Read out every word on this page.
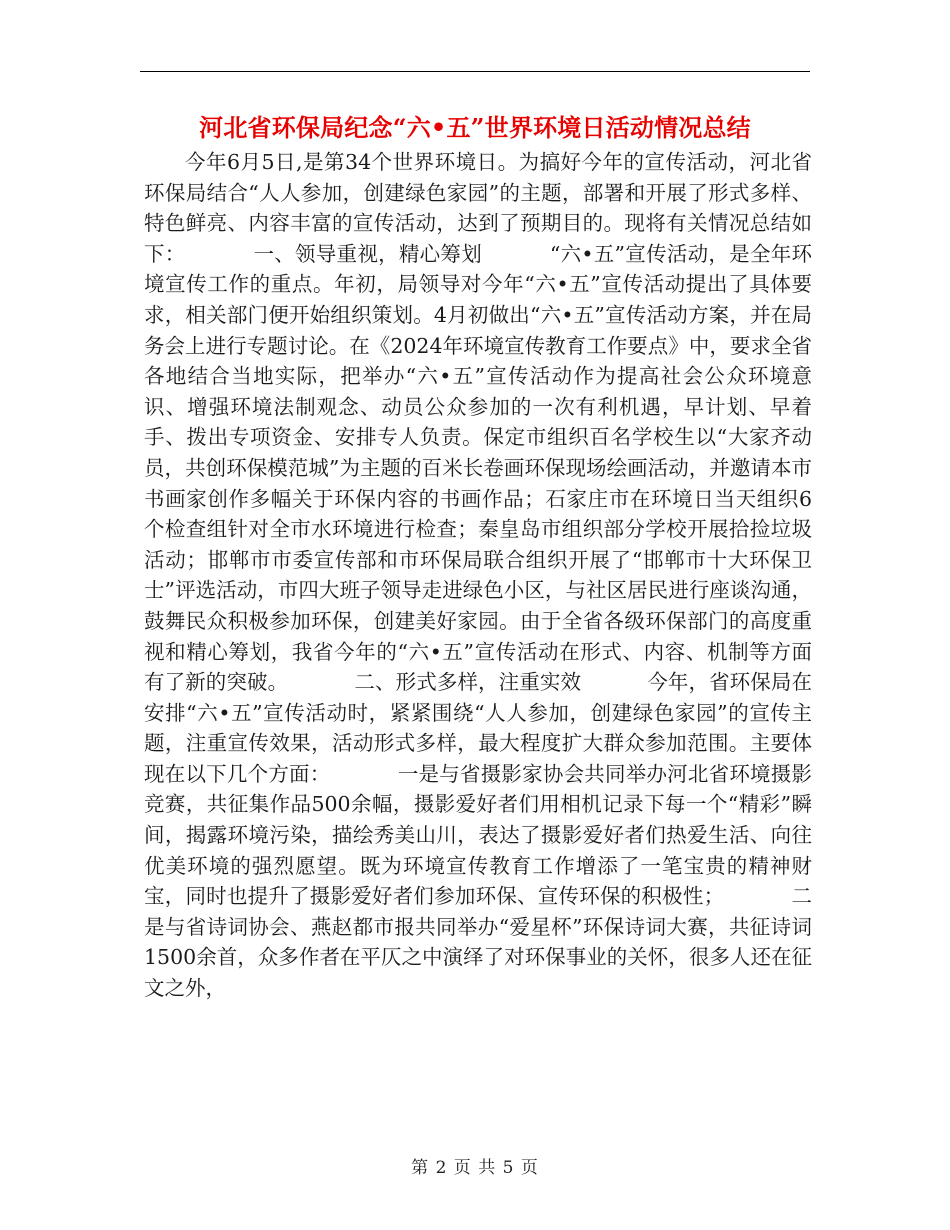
河北省环保局纪念“六•五”世界环境日活动情况总结

今年6月5日,是第34个世界环境日。为搞好今年的宣传活动，河北省环保局结合“人人参加，创建绿色家园”的主题，部署和开展了形式多样、特色鲜亮、内容丰富的宣传活动，达到了预期目的。现将有关情况总结如下：          一、领导重视，精心筹划          “六•五”宣传活动，是全年环境宣传工作的重点。年初，局领导对今年“六•五”宣传活动提出了具体要求，相关部门便开始组织策划。4月初做出“六•五”宣传活动方案，并在局务会上进行专题讨论。在《2024年环境宣传教育工作要点》中，要求全省各地结合当地实际，把举办“六•五”宣传活动作为提高社会公众环境意识、增强环境法制观念、动员公众参加的一次有利机遇，早计划、早着手、拨出专项资金、安排专人负责。保定市组织百名学校生以“大家齐动员，共创环保模范城”为主题的百米长卷画环保现场绘画活动，并邀请本市书画家创作多幅关于环保内容的书画作品；石家庄市在环境日当天组织6个检查组针对全市水环境进行检查；秦皇岛市组织部分学校开展拾捡垃圾活动；邯郸市市委宣传部和市环保局联合组织开展了“邯郸市十大环保卫士”评选活动，市四大班子领导走进绿色小区，与社区居民进行座谈沟通，鼓舞民众积极参加环保，创建美好家园。由于全省各级环保部门的高度重视和精心筹划，我省今年的“六•五”宣传活动在形式、内容、机制等方面有了新的突破。          二、形式多样，注重实效          今年，省环保局在安排“六•五”宣传活动时，紧紧围绕“人人参加，创建绿色家园”的宣传主题，注重宣传效果，活动形式多样，最大程度扩大群众参加范围。主要体现在以下几个方面：          一是与省摄影家协会共同举办河北省环境摄影竞赛，共征集作品500余幅，摄影爱好者们用相机记录下每一个“精彩”瞬间，揭露环境污染，描绘秀美山川，表达了摄影爱好者们热爱生活、向往优美环境的强烈愿望。既为环境宣传教育工作增添了一笔宝贵的精神财宝，同时也提升了摄影爱好者们参加环保、宣传环保的积极性；          二是与省诗词协会、燕赵都市报共同举办“爱星杯”环保诗词大赛，共征诗词1500余首，众多作者在平仄之中演绎了对环保事业的关怀，很多人还在征文之外，

第 2 页 共 5 页
